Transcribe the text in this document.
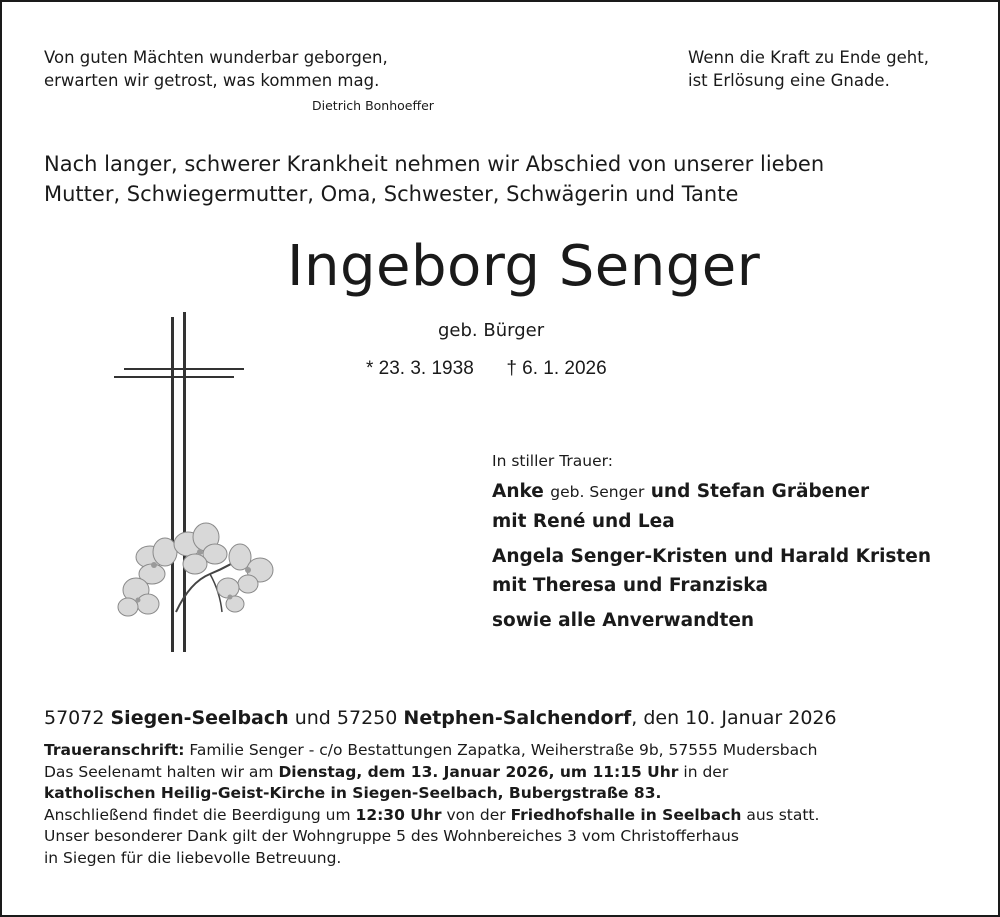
Von guten Mächten wunderbar geborgen,
erwarten wir getrost, was kommen mag.
Dietrich Bonhoeffer
Wenn die Kraft zu Ende geht,
ist Erlösung eine Gnade.
Nach langer, schwerer Krankheit nehmen wir Abschied von unserer lieben
Mutter, Schwiegermutter, Oma, Schwester, Schwägerin und Tante
Ingeborg Senger
geb. Bürger
* 23. 3. 1938 † 6. 1. 2026
In stiller Trauer:
Anke geb. Senger und Stefan Gräbener
mit René und Lea
Angela Senger-Kristen und Harald Kristen
mit Theresa und Franziska
sowie alle Anverwandten
57072 Siegen-Seelbach und 57250 Netphen-Salchendorf, den 10. Januar 2026
Traueranschrift: Familie Senger - c/o Bestattungen Zapatka, Weiherstraße 9b, 57555 Mudersbach
Das Seelenamt halten wir am Dienstag, dem 13. Januar 2026, um 11:15 Uhr in der
katholischen Heilig-Geist-Kirche in Siegen-Seelbach, Bubergstraße 83.
Anschließend findet die Beerdigung um 12:30 Uhr von der Friedhofshalle in Seelbach aus statt.
Unser besonderer Dank gilt der Wohngruppe 5 des Wohnbereiches 3 vom Christofferhaus
in Siegen für die liebevolle Betreuung.
